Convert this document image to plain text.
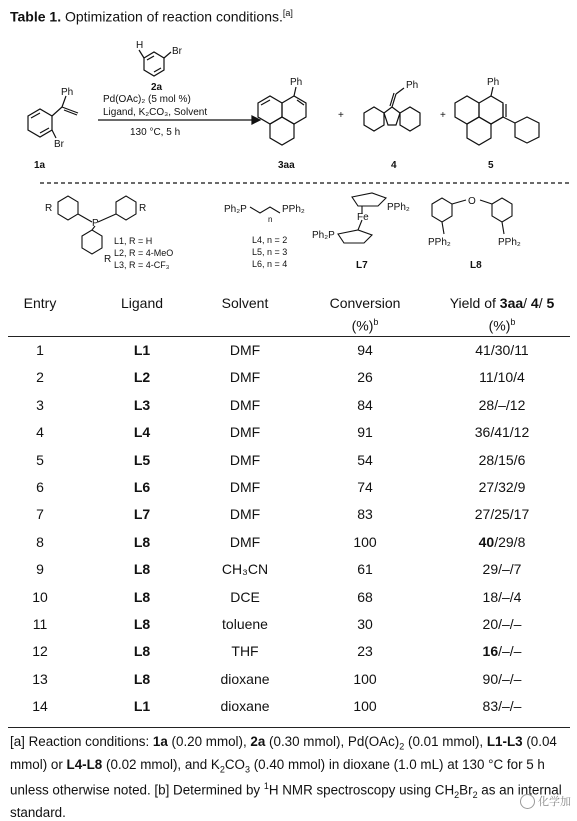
Table 1. Optimization of reaction conditions.[a]
Ph
Br
1a
H
Br
2a
Pd(OAc)₂ (5 mol %)
Ligand, K₂CO₃, Solvent
130 °C, 5 h
Ph
3aa
+
Ph
4
+
Ph
5
R	R
R
P
L1, R = H
L2, R = 4-MeO
L3, R = 4-CF₃
Ph₂P	PPh₂
n
L4, n = 2
L5, n = 3
L6, n = 4
Fe
PPh₂
Ph₂P
L7
O
PPh₂	PPh₂
L8
Entry	Ligand	Solvent	Conversion	Yield of 3aa/ 4/ 5
(%)$^b$	(%)$^b$
1	L1	DMF	94	41/30/11
2	L2	DMF	26	11/10/4
3	L3	DMF	84	28/–/12
4	L4	DMF	91	36/41/12
5	L5	DMF	54	28/15/6
6	L6	DMF	74	27/32/9
7	L7	DMF	83	27/25/17
8	L8	DMF	100	40/29/8
9	L8	CH₃CN	61	29/–/7
10	L8	DCE	68	18/–/4
11	L8	toluene	30	20/–/–
12	L8	THF	23	16/–/–
13	L8	dioxane	100	90/–/–
14	L1	dioxane	100	83/–/–
[a] Reaction conditions: 1a (0.20 mmol), 2a (0.30 mmol), $Pd(OAc)_2$ (0.01 mmol), L1-L3 (0.04 mmol) or L4-L8 (0.02 mmol), and $K_2CO_3$ (0.40 mmol) in dioxane (1.0 mL) at 130 °C for 5 h unless otherwise noted. [b] Determined by $^1$H NMR spectroscopy using $CH_2Br_2$ as an internal standard.
化学加
